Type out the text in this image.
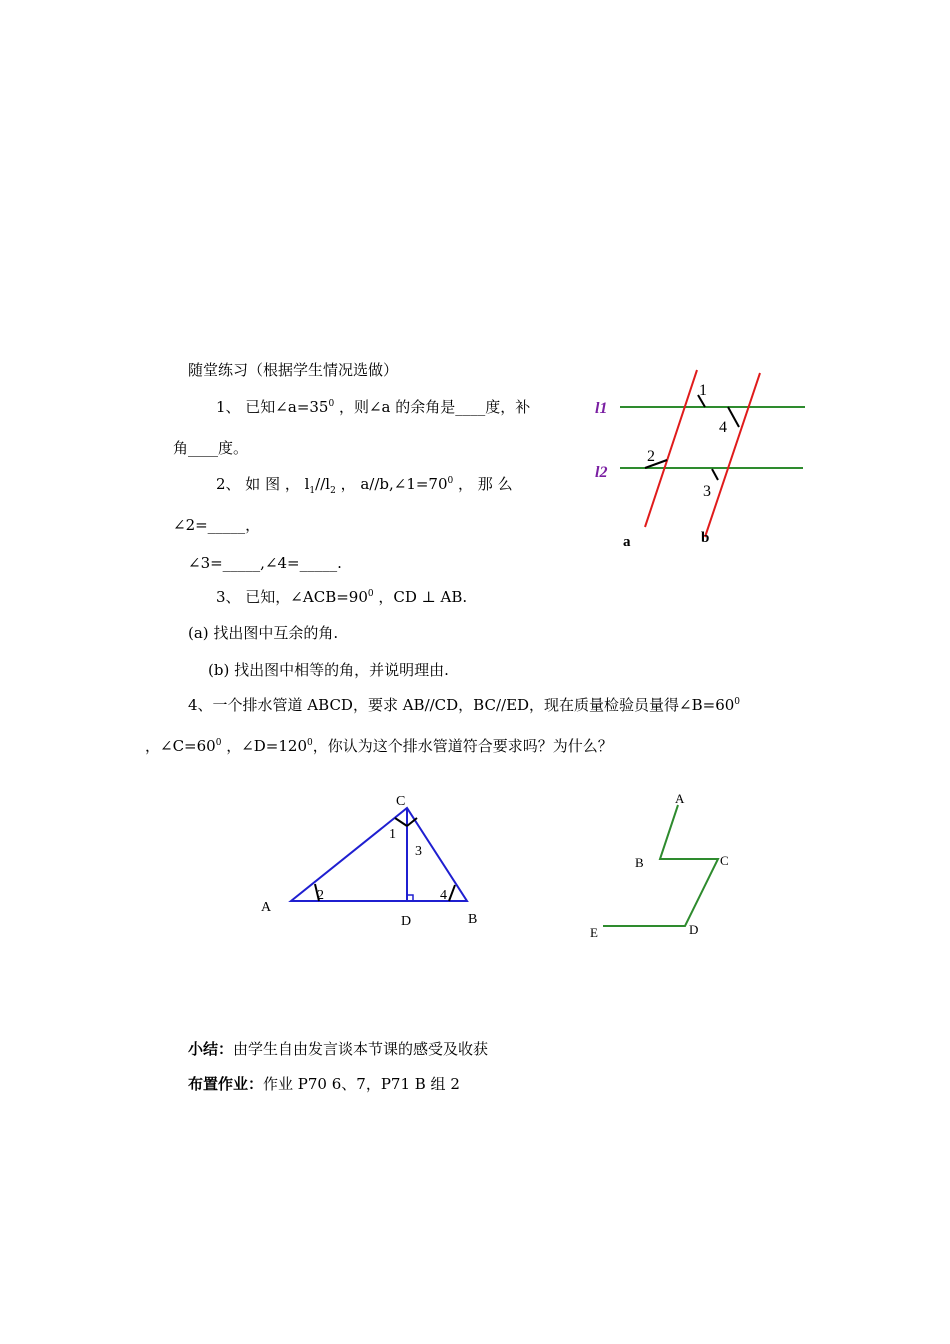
随堂练习（根据学生情况选做）
1、 已知$\angle a=35^0$ ，则∠a 的余角是____度，补
角____度。
2、 如 图 ， $l_1//l_2$ ， $a//b,\angle 1=70^0$ ， 那 么
∠2=_____，
∠3=_____,∠4=_____.
3、 已知，$\angle ACB=90^0$ ，CD ⊥ AB.
(a) 找出图中互余的角.
(b) 找出图中相等的角，并说明理由.
4、一个排水管道 ABCD，要求 AB//CD，BC//ED，现在质量检验员量得$\angle B=60^0$
，$\angle C=60^0$ ，$\angle D=120^0$，你认为这个排水管道符合要求吗？为什么？
小结：由学生自由发言谈本节课的感受及收获
布置作业：作业 P70 6、7，P71 B 组 2
l1
l2
1
2
3
4
a	b
C
A
D	B
1
2
3
4
A
B	C
D
E
